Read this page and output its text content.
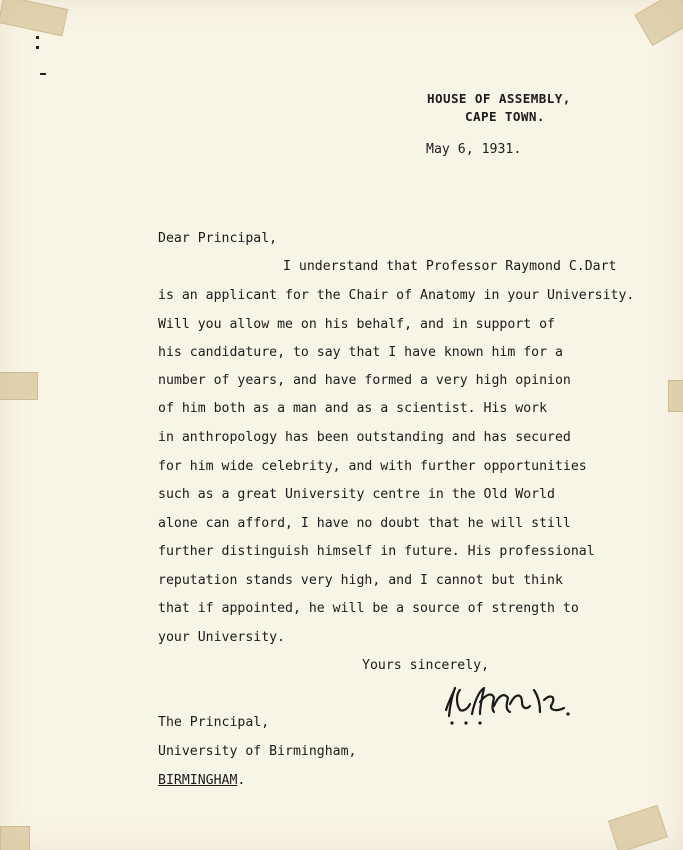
HOUSE OF ASSEMBLY,
CAPE TOWN.
May 6, 1931.
Dear Principal,
I understand that Professor Raymond C.Dart
is an applicant for the Chair of Anatomy in your University.
Will you allow me on his behalf, and in support of
his candidature, to say that I have known him for a
number of years, and have formed a very high opinion
of him both as a man and as a scientist. His work
in anthropology has been outstanding and has secured
for him wide celebrity, and with further opportunities
such as a great University centre in the Old World
alone can afford, I have no doubt that he will still
further distinguish himself in future. His professional
reputation stands very high, and I cannot but think
that if appointed, he will be a source of strength to
your University.
Yours sincerely,
The Principal,
University of Birmingham,
BIRMINGHAM.
